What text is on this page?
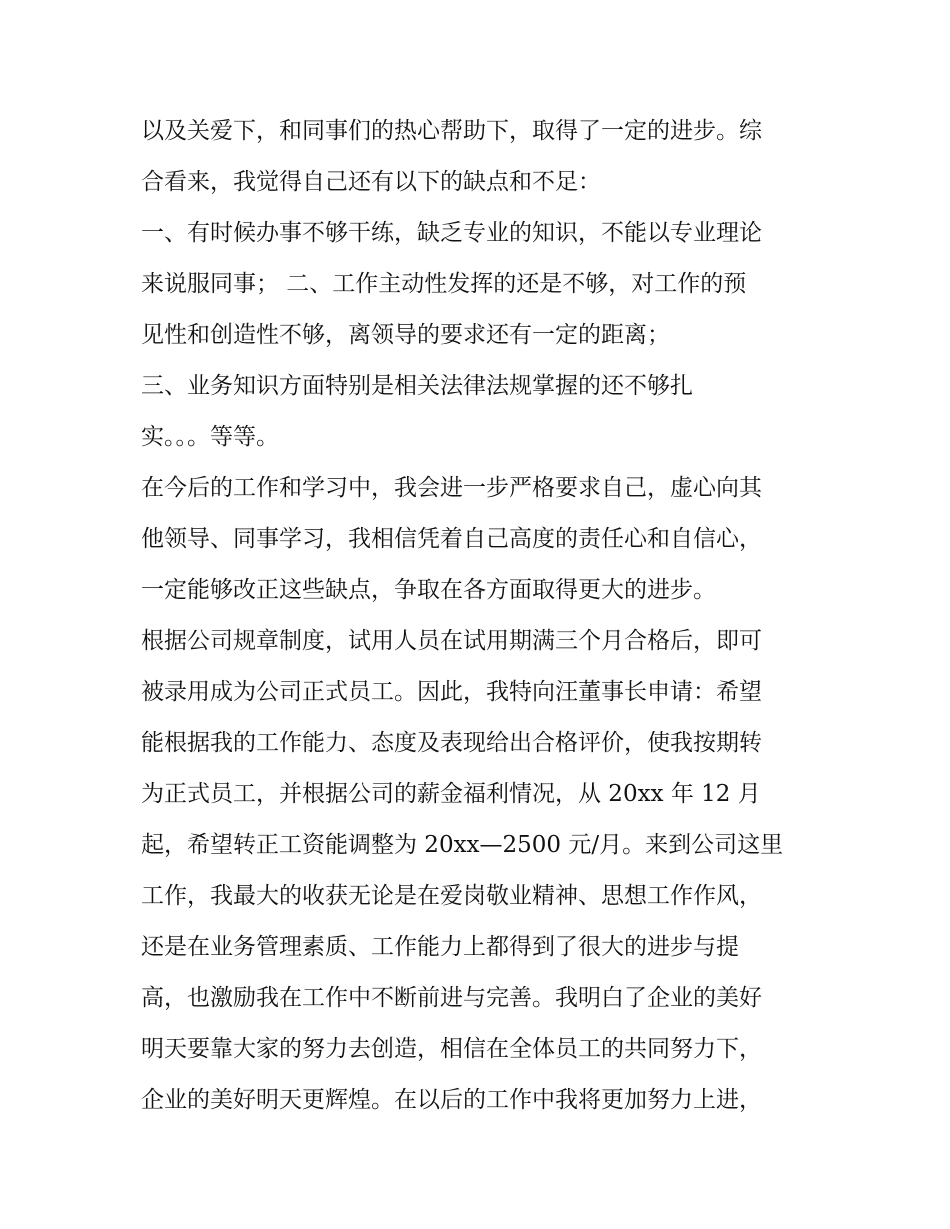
以及关爱下，和同事们的热心帮助下，取得了一定的进步。综
合看来，我觉得自己还有以下的缺点和不足：
一、有时候办事不够干练，缺乏专业的知识，不能以专业理论
来说服同事； 二、工作主动性发挥的还是不够，对工作的预
见性和创造性不够，离领导的要求还有一定的距离；
三、业务知识方面特别是相关法律法规掌握的还不够扎
实。。。等等。
在今后的工作和学习中，我会进一步严格要求自己，虚心向其
他领导、同事学习，我相信凭着自己高度的责任心和自信心，
一定能够改正这些缺点，争取在各方面取得更大的进步。
根据公司规章制度，试用人员在试用期满三个月合格后，即可
被录用成为公司正式员工。因此，我特向汪董事长申请：希望
能根据我的工作能力、态度及表现给出合格评价，使我按期转
为正式员工，并根据公司的薪金福利情况，从 20xx 年 12 月
起，希望转正工资能调整为 20xx—2500 元/月。来到公司这里
工作，我最大的收获无论是在爱岗敬业精神、思想工作作风，
还是在业务管理素质、工作能力上都得到了很大的进步与提
高，也激励我在工作中不断前进与完善。我明白了企业的美好
明天要靠大家的努力去创造，相信在全体员工的共同努力下，
企业的美好明天更辉煌。在以后的工作中我将更加努力上进，
